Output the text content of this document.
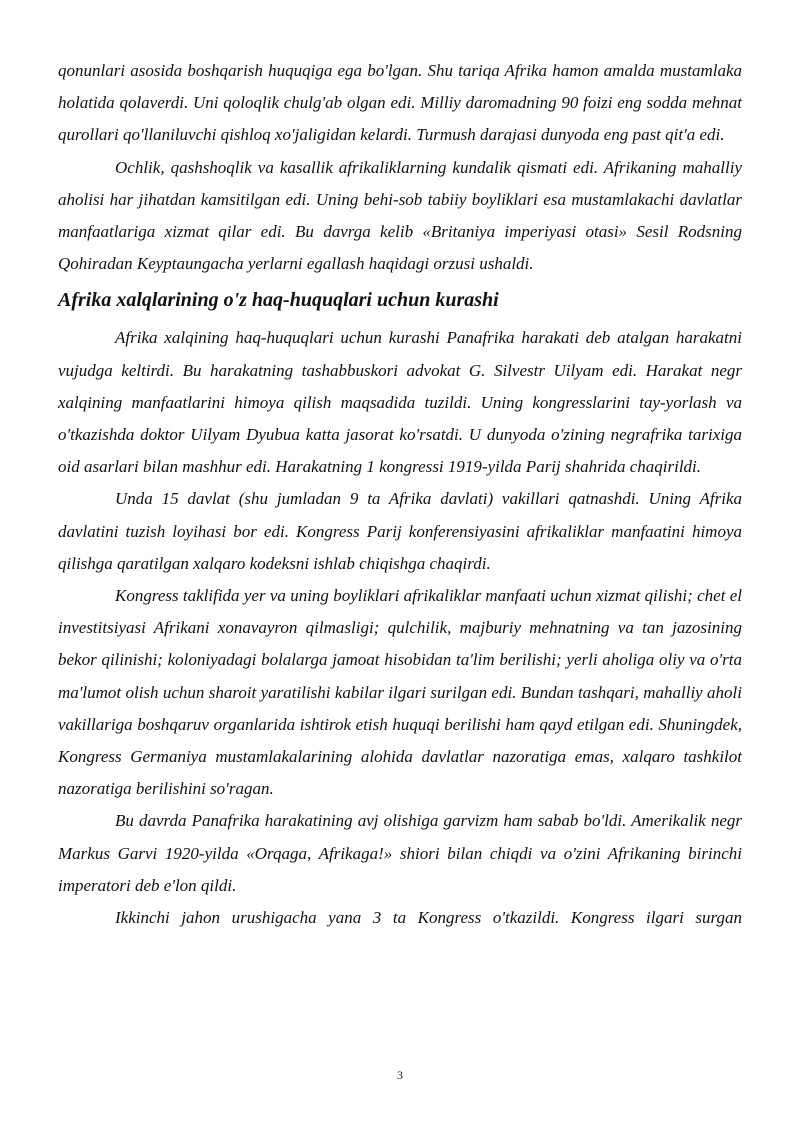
qonunlari asosida boshqarish huquqiga ega bo'lgan. Shu tariqa Afrika hamon amalda mustamlaka holatida qolaverdi. Uni qoloqlik chulg'ab olgan edi. Milliy daromadning 90 foizi eng sodda mehnat qurollari qo'llaniluvchi qishloq xo'jaligidan kelardi. Turmush darajasi dunyoda eng past qit'a edi.

Ochlik, qashshoqlik va kasallik afrikaliklarning kundalik qismati edi. Afrikaning mahalliy aholisi har jihatdan kamsitilgan edi. Uning behi-sob tabiiy boyliklari esa mustamlakachi davlatlar manfaatlariga xizmat qilar edi. Bu davrga kelib «Britaniya imperiyasi otasi» Sesil Rodsning Qohiradan Keyptaungacha yerlarni egallash haqidagi orzusi ushaldi.

Afrika xalqlarining o'z haq-huquqlari uchun kurashi

Afrika xalqining haq-huquqlari uchun kurashi Panafrika harakati deb atalgan harakatni vujudga keltirdi. Bu harakatning tashabbuskori advokat G. Silvestr Uilyam edi. Harakat negr xalqining manfaatlarini himoya qilish maqsadida tuzildi. Uning kongresslarini tay-yorlash va o'tkazishda doktor Uilyam Dyubua katta jasorat ko'rsatdi. U dunyoda o'zining negrafrika tarixiga oid asarlari bilan mashhur edi. Harakatning 1 kongressi 1919-yilda Parij shahrida chaqirildi.

Unda 15 davlat (shu jumladan 9 ta Afrika davlati) vakillari qatnashdi. Uning Afrika davlatini tuzish loyihasi bor edi. Kongress Parij konferensiyasini afrikaliklar manfaatini himoya qilishga qaratilgan xalqaro kodeksni ishlab chiqishga chaqirdi.

Kongress taklifida yer va uning boyliklari afrikaliklar manfaati uchun xizmat qilishi; chet el investitsiyasi Afrikani xonavayron qilmasligi; qulchilik, majburiy mehnatning va tan jazosining bekor qilinishi; koloniyadagi bolalarga jamoat hisobidan ta'lim berilishi; yerli aholiga oliy va o'rta ma'lumot olish uchun sharoit yaratilishi kabilar ilgari surilgan edi. Bundan tashqari, mahalliy aholi vakillariga boshqaruv organlarida ishtirok etish huquqi berilishi ham qayd etilgan edi. Shuningdek, Kongress Germaniya mustamlakalarining alohida davlatlar nazoratiga emas, xalqaro tashkilot nazoratiga berilishini so'ragan.

Bu davrda Panafrika harakatining avj olishiga garvizm ham sabab bo'ldi. Amerikalik negr Markus Garvi 1920-yilda «Orqaga, Afrikaga!» shiori bilan chiqdi va o'zini Afrikaning birinchi imperatori deb e'lon qildi.

Ikkinchi jahon urushigacha yana 3 ta Kongress o'tkazildi. Kongress ilgari surgan

3
